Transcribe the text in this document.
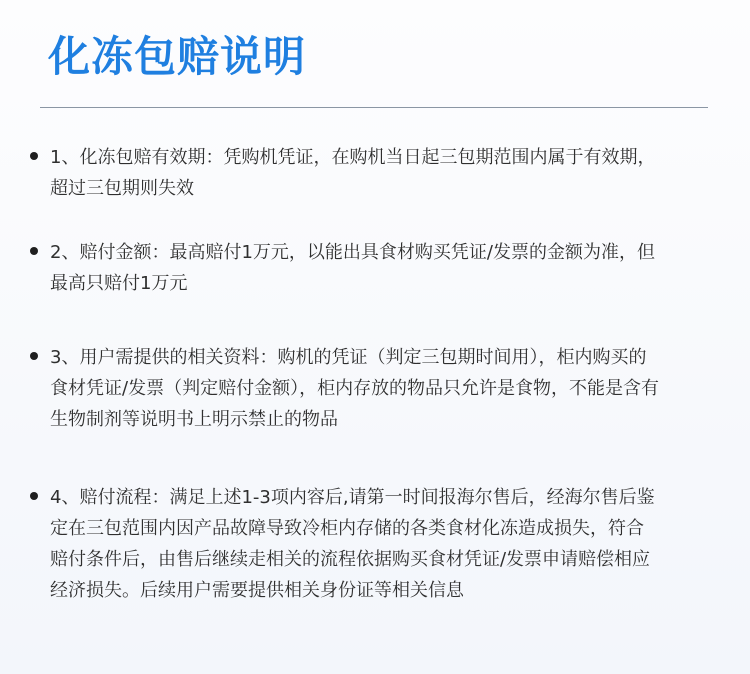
化冻包赔说明
1、化冻包赔有效期：凭购机凭证，在购机当日起三包期范围内属于有效期，超过三包期则失效
2、赔付金额：最高赔付1万元，以能出具食材购买凭证/发票的金额为准，但最高只赔付1万元
3、用户需提供的相关资料：购机的凭证（判定三包期时间用），柜内购买的食材凭证/发票（判定赔付金额），柜内存放的物品只允许是食物，不能是含有生物制剂等说明书上明示禁止的物品
4、赔付流程：满足上述1-3项内容后,请第一时间报海尔售后，经海尔售后鉴定在三包范围内因产品故障导致冷柜内存储的各类食材化冻造成损失，符合赔付条件后，由售后继续走相关的流程依据购买食材凭证/发票申请赔偿相应经济损失。后续用户需要提供相关身份证等相关信息
